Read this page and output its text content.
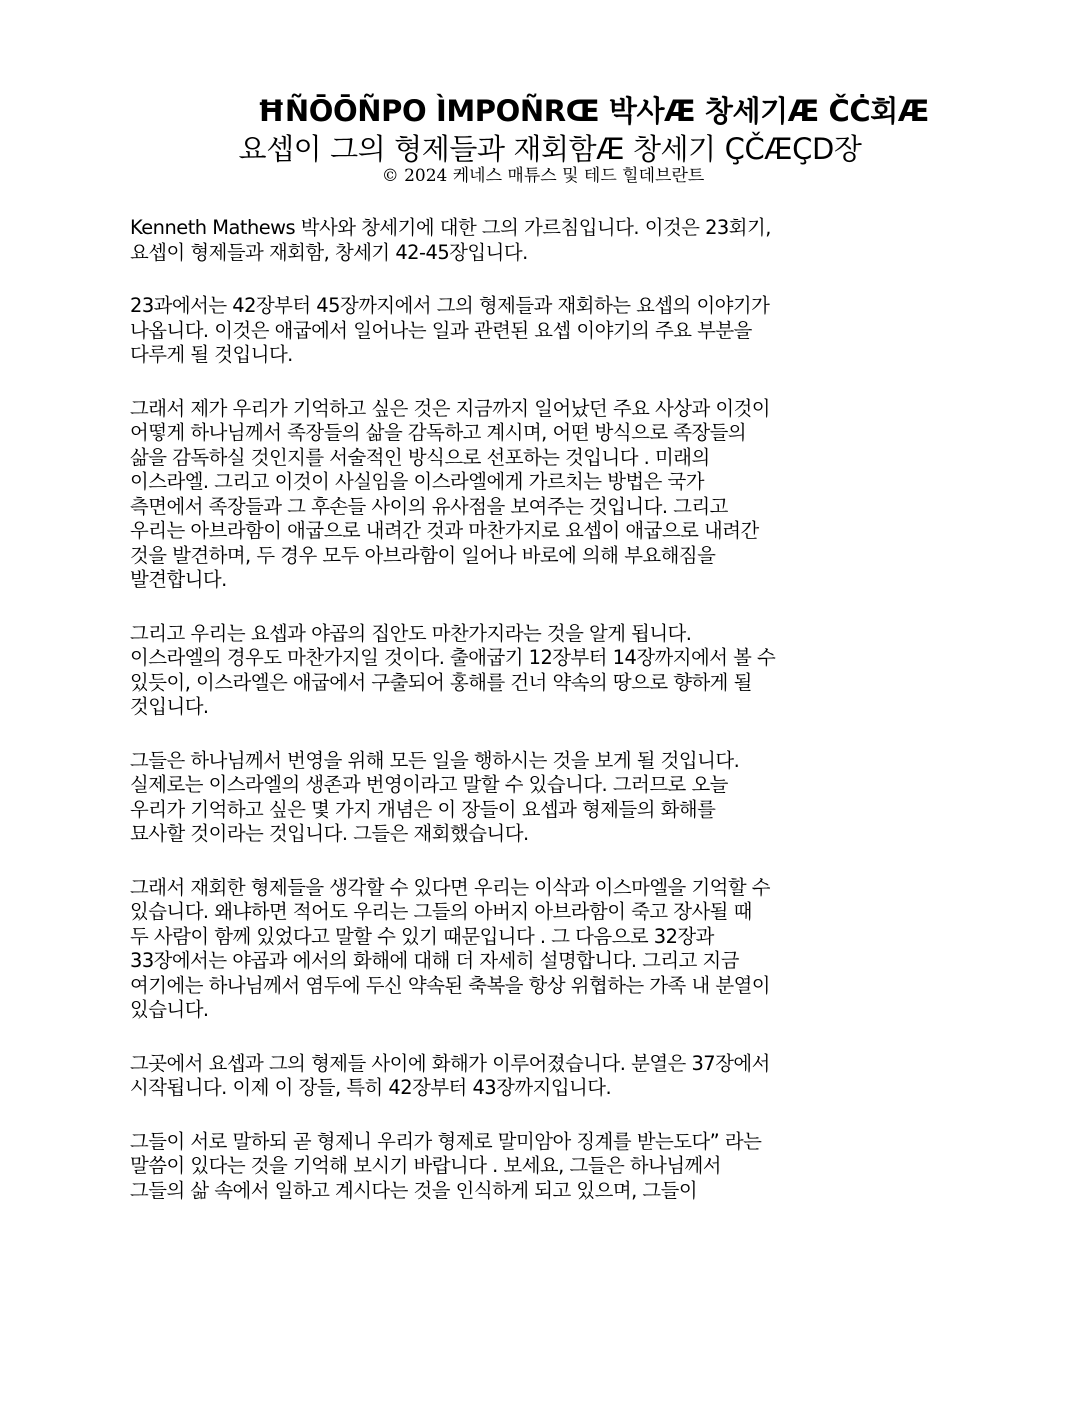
ĦÑŌŌÑPO ÌMPOÑRŒ 박사Æ 창세기Æ ČĊ회Æ
요셉이 그의 형제들과 재회함Æ 창세기 ÇČÆÇD장
© 2024 케네스 매튜스 및 테드 힐데브란트
Kenneth Mathews 박사와 창세기에 대한 그의 가르침입니다. 이것은 23회기,
요셉이 형제들과 재회함, 창세기 42-45장입니다.
23과에서는 42장부터 45장까지에서 그의 형제들과 재회하는 요셉의 이야기가
나옵니다. 이것은 애굽에서 일어나는 일과 관련된 요셉 이야기의 주요 부분을
다루게 될 것입니다.
그래서 제가 우리가 기억하고 싶은 것은 지금까지 일어났던 주요 사상과 이것이
어떻게 하나님께서 족장들의 삶을 감독하고 계시며, 어떤 방식으로 족장들의
삶을 감독하실 것인지를 서술적인 방식으로 선포하는 것입니다 . 미래의
이스라엘. 그리고 이것이 사실임을 이스라엘에게 가르치는 방법은 국가
측면에서 족장들과 그 후손들 사이의 유사점을 보여주는 것입니다. 그리고
우리는 아브라함이 애굽으로 내려간 것과 마찬가지로 요셉이 애굽으로 내려간
것을 발견하며, 두 경우 모두 아브라함이 일어나 바로에 의해 부요해짐을
발견합니다.
그리고 우리는 요셉과 야곱의 집안도 마찬가지라는 것을 알게 됩니다.
이스라엘의 경우도 마찬가지일 것이다. 출애굽기 12장부터 14장까지에서 볼 수
있듯이, 이스라엘은 애굽에서 구출되어 홍해를 건너 약속의 땅으로 향하게 될
것입니다.
그들은 하나님께서 번영을 위해 모든 일을 행하시는 것을 보게 될 것입니다.
실제로는 이스라엘의 생존과 번영이라고 말할 수 있습니다. 그러므로 오늘
우리가 기억하고 싶은 몇 가지 개념은 이 장들이 요셉과 형제들의 화해를
묘사할 것이라는 것입니다. 그들은 재회했습니다.
그래서 재회한 형제들을 생각할 수 있다면 우리는 이삭과 이스마엘을 기억할 수
있습니다. 왜냐하면 적어도 우리는 그들의 아버지 아브라함이 죽고 장사될 때
두 사람이 함께 있었다고 말할 수 있기 때문입니다 . 그 다음으로 32장과
33장에서는 야곱과 에서의 화해에 대해 더 자세히 설명합니다. 그리고 지금
여기에는 하나님께서 염두에 두신 약속된 축복을 항상 위협하는 가족 내 분열이
있습니다.
그곳에서 요셉과 그의 형제들 사이에 화해가 이루어졌습니다. 분열은 37장에서
시작됩니다. 이제 이 장들, 특히 42장부터 43장까지입니다.
그들이 서로 말하되 곧 형제니 우리가 형제로 말미암아 징계를 받는도다” 라는
말씀이 있다는 것을 기억해 보시기 바랍니다 . 보세요, 그들은 하나님께서
그들의 삶 속에서 일하고 계시다는 것을 인식하게 되고 있으며, 그들이
